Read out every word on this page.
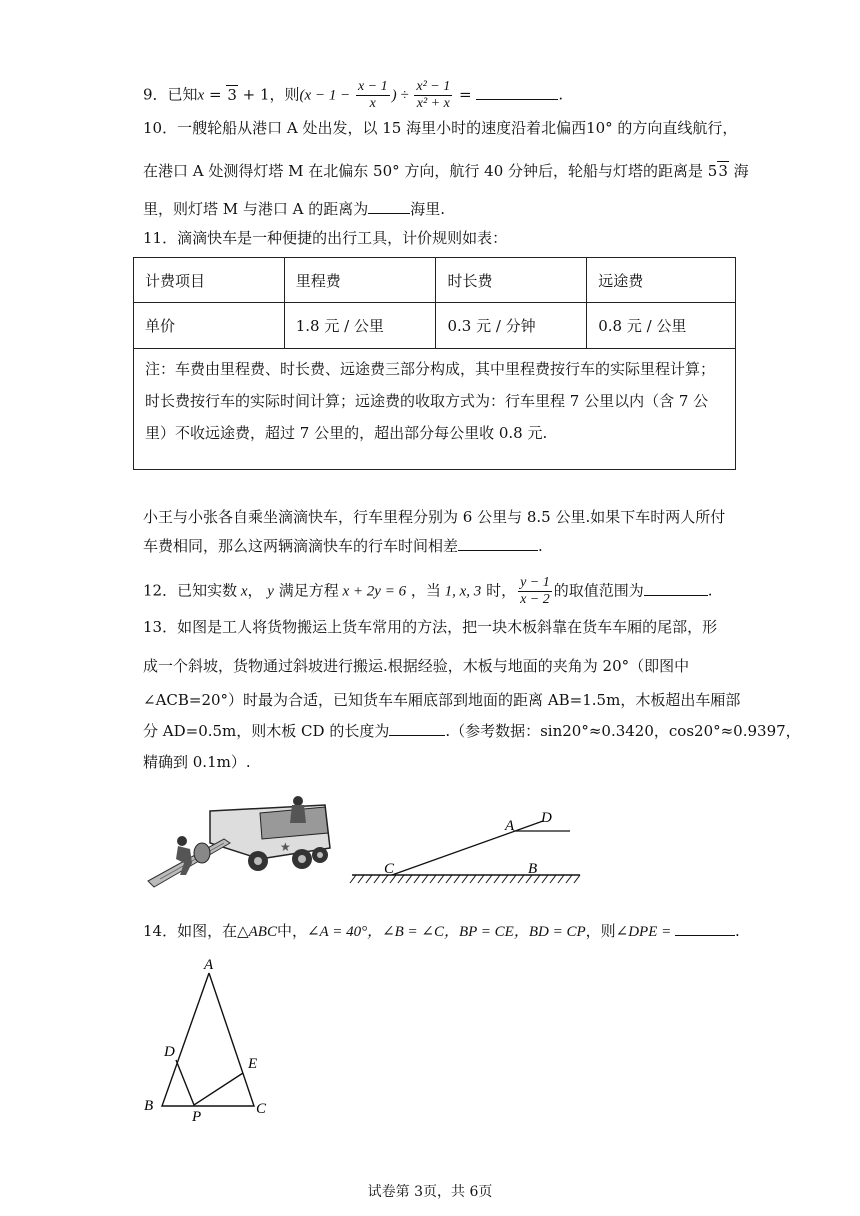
9．已知x = 3 + 1，则($x - 1 - \frac{x - 1}{x}$ ) ÷ $\frac{\text{x² − 1}}{\text{x² + x}}$ =	.
10．一艘轮船从港口 A 处出发，以 15 海里小时的速度沿着北偏西10° 的方向直线航行，
在港口 A 处测得灯塔 M 在北偏东 50° 方向，航行 40 分钟后，轮船与灯塔的距离是 53 海
里，则灯塔 M 与港口 A 的距离为	海里.
11．滴滴快车是一种便捷的出行工具，计价规则如表：
计费项目	里程费	时长费	远途费
单价	1.8 元 / 公里	0.3 元 / 分钟	0.8 元 / 公里
注：车费由里程费、时长费、远途费三部分构成，其中里程费按行车的实际里程计算；时长费按行车的实际时间计算；远途费的收取方式为：行车里程 7 公里以内（含 7 公里）不收远途费，超过 7 公里的，超出部分每公里收 0.8 元.			
小王与小张各自乘坐滴滴快车，行车里程分别为 6 公里与 8.5 公里.如果下车时两人所付
车费相同，那么这两辆滴滴快车的行车时间相差	.
12．已知实数 x， y 满足方程 x + 2y = 6 ，当 1, x, 3 时， $\frac{y - 1}{x - 2}$ 的取值范围为	.
13．如图是工人将货物搬运上货车常用的方法，把一块木板斜靠在货车车厢的尾部，形
成一个斜坡，货物通过斜坡进行搬运.根据经验，木板与地面的夹角为 20°（即图中
∠ACB=20°）时最为合适，已知货车车厢底部到地面的距离 AB=1.5m，木板超出车厢部
分 AD=0.5m，则木板 CD 的长度为	.（参考数据：sin20°≈0.3420，cos20°≈0.9397，
精确到 0.1m）.
★
C	B
A D
14．如图，在△ABC中，∠A = 40°，∠B = ∠C，BP = CE，BD = CP，则∠DPE =	.
A
D
E
B
P	C
试卷第 3页，共 6页
